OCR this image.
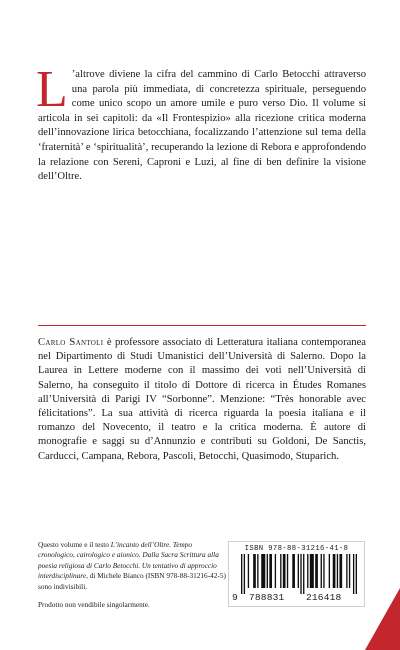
L ’altrove diviene la cifra del cammino di Carlo Betocchi attraverso una parola più immediata, di concretezza spirituale, perseguendo come unico scopo un amore umile e puro verso Dio. Il volume si articola in sei capitoli: da «Il Frontespizio» alla ricezione critica moderna dell’innovazione lirica betocchiana, focalizzando l’attenzione sul tema della ‘fraternità’ e ‘spiritualità’, recuperando la lezione di Rebora e approfondendo la relazione con Sereni, Caproni e Luzi, al fine di ben definire la visione dell’Oltre.
Carlo Santoli è professore associato di Letteratura italiana contemporanea nel Dipartimento di Studi Umanistici dell’Università di Salerno. Dopo la Laurea in Lettere moderne con il massimo dei voti nell’Università di Salerno, ha conseguito il titolo di Dottore di ricerca in Études Romanes all’Università di Parigi IV “Sorbonne”. Menzione: “Très honorable avec félicitations”. La sua attività di ricerca riguarda la poesia italiana e il romanzo del Novecento, il teatro e la critica moderna. È autore di monografie e saggi su d’Annunzio e contributi su Goldoni, De Sanctis, Carducci, Campana, Rebora, Pascoli, Betocchi, Quasimodo, Stuparich.

Questo volume e il testo L’incanto dell’Oltre. Tempo cronologico, cairologico e aionico. Dalla Sacra Scrittura alla poesia religiosa di Carlo Betocchi. Un tentativo di approccio interdisciplinare, di Michele Bianco (ISBN 978-88-31216-42-5) sono indivisibili.

Prodotto non vendibile singolarmente.

ISBN 978-88-31216-41-8
9 788831 216418
